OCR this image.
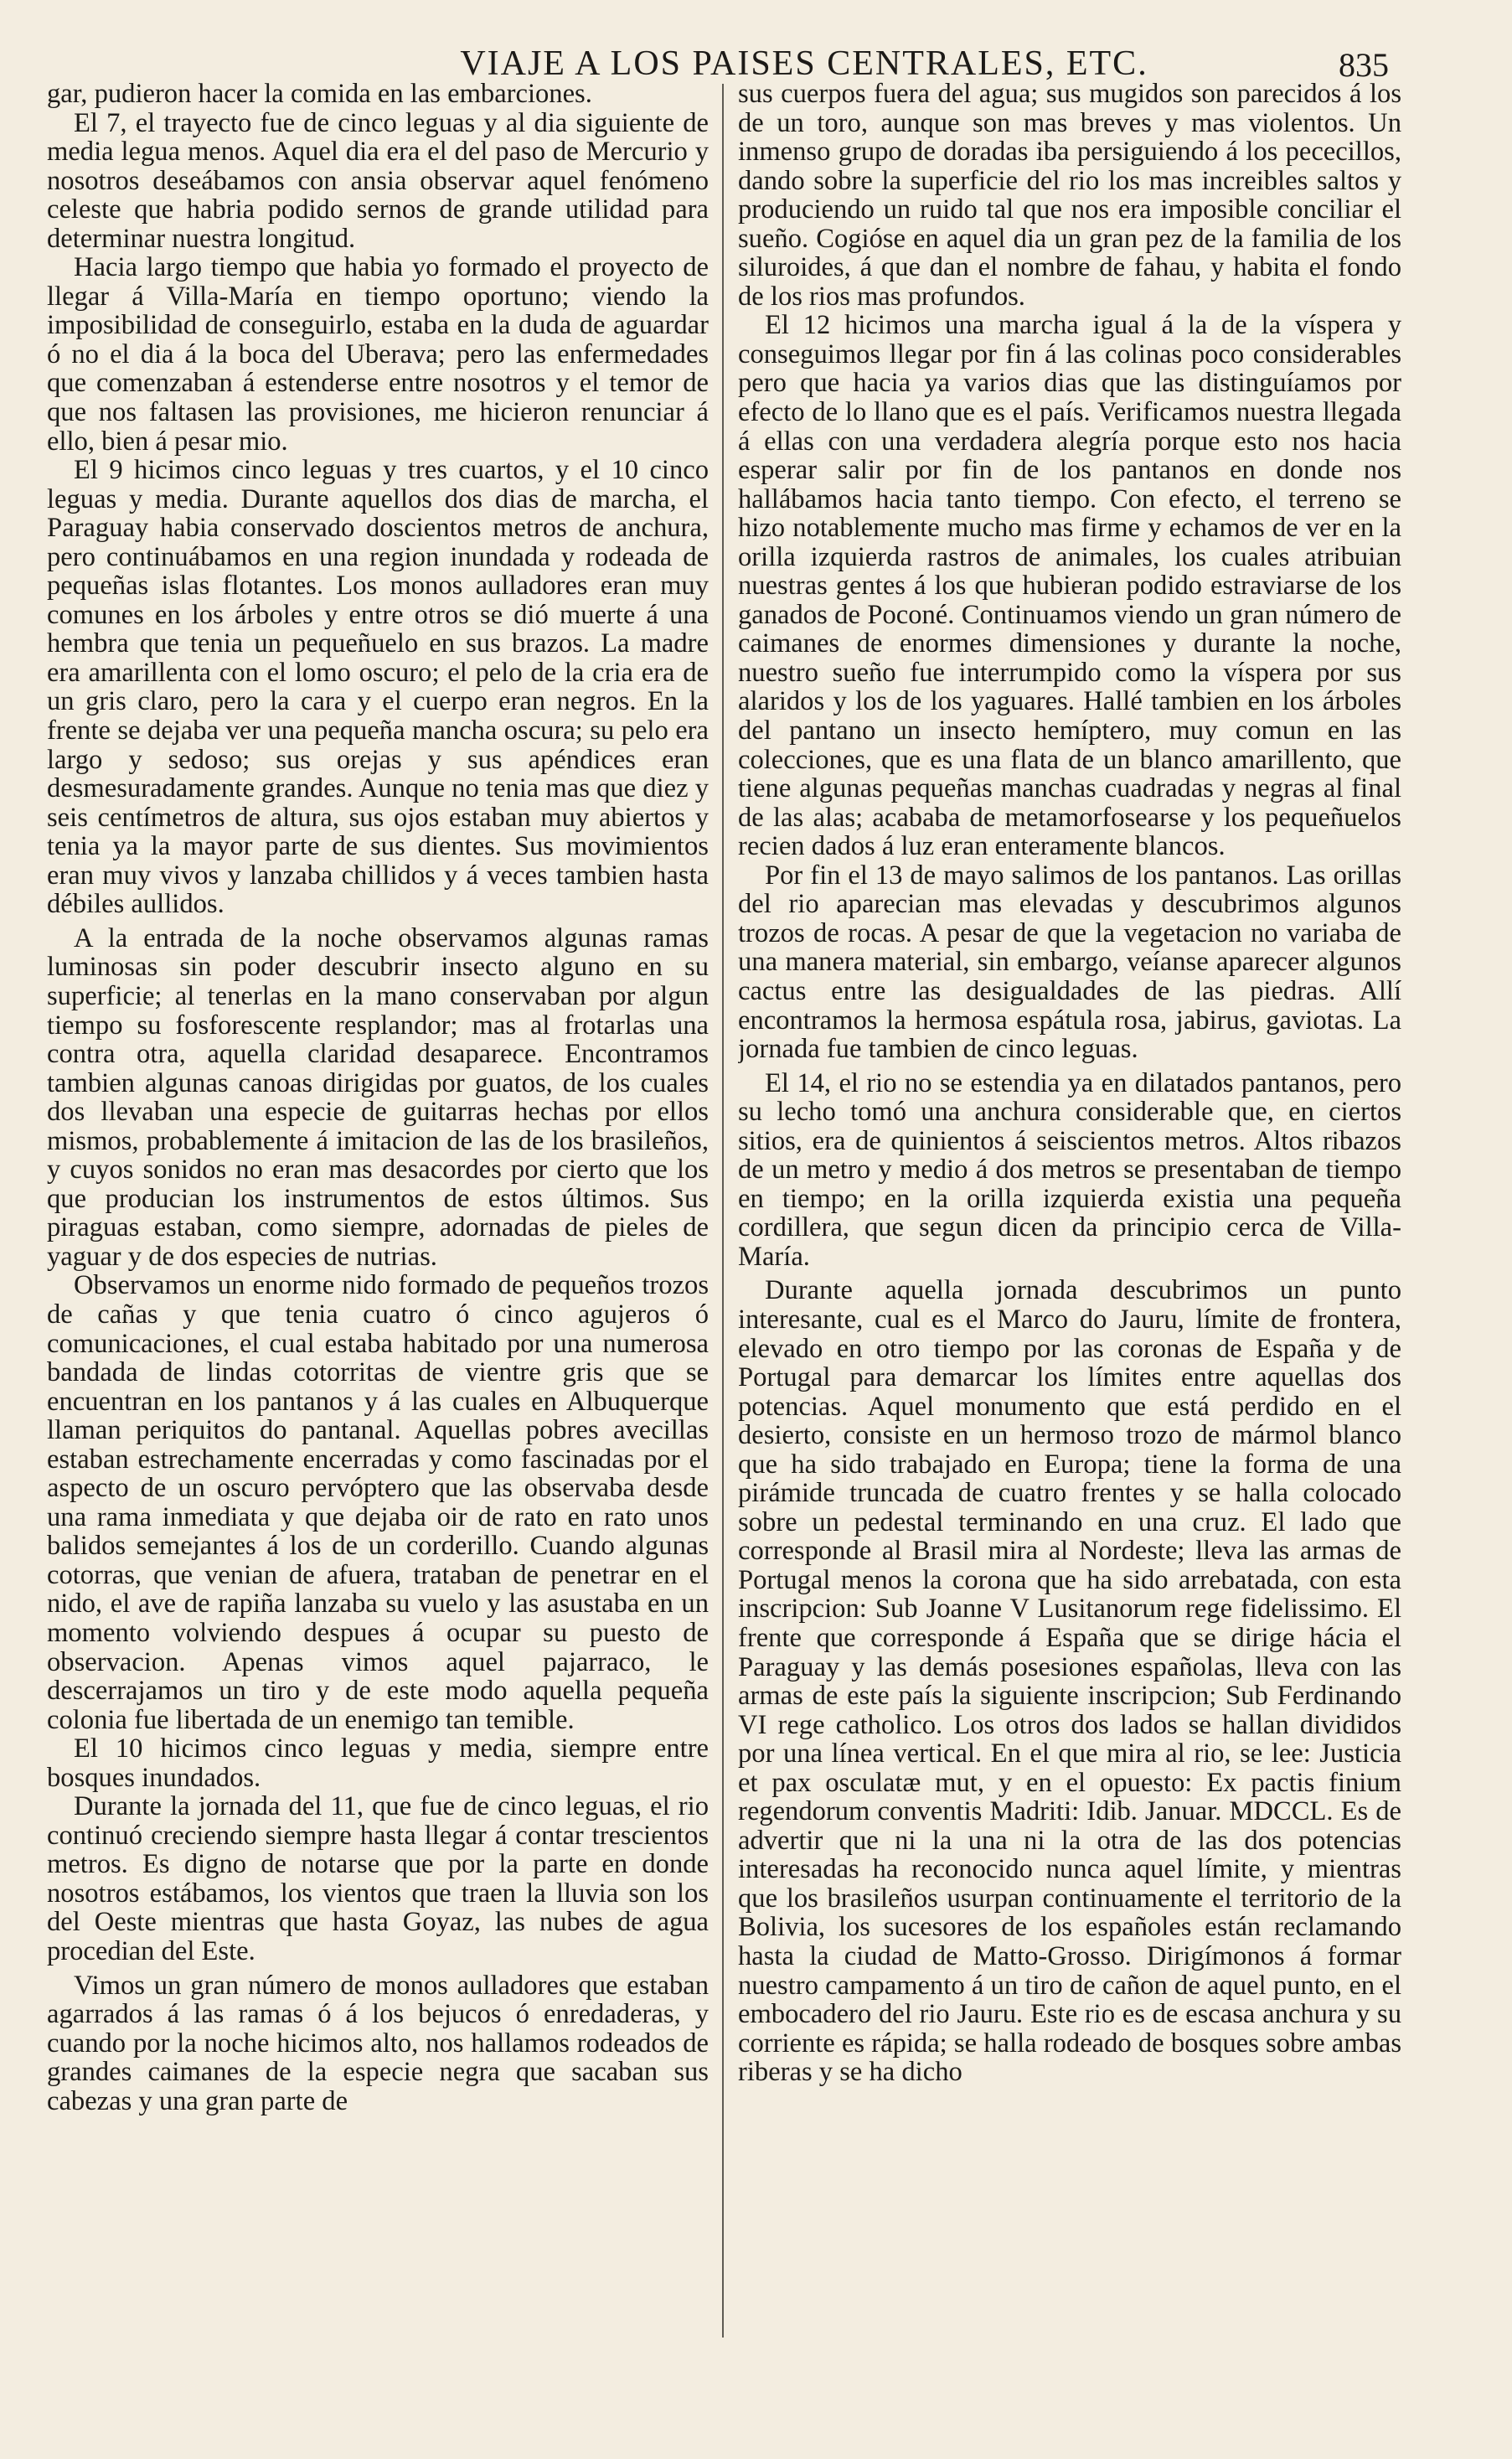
VIAJE A LOS PAISES CENTRALES, ETC.	835

gar, pudieron hacer la comida en las embarciones.

El 7, el trayecto fue de cinco leguas y al dia siguiente de media legua menos. Aquel dia era el del paso de Mercurio y nosotros deseábamos con ansia observar aquel fenómeno celeste que habria podido sernos de grande utilidad para determinar nuestra longitud.

Hacia largo tiempo que habia yo formado el proyecto de llegar á Villa-María en tiempo oportuno; viendo la imposibilidad de conseguirlo, estaba en la duda de aguardar ó no el dia á la boca del Uberava; pero las enfermedades que comenzaban á estenderse entre nosotros y el temor de que nos faltasen las provisiones, me hicieron renunciar á ello, bien á pesar mio.

El 9 hicimos cinco leguas y tres cuartos, y el 10 cinco leguas y media. Durante aquellos dos dias de marcha, el Paraguay habia conservado doscientos metros de anchura, pero continuábamos en una region inundada y rodeada de pequeñas islas flotantes. Los monos aulladores eran muy comunes en los árboles y entre otros se dió muerte á una hembra que tenia un pequeñuelo en sus brazos. La madre era amarillenta con el lomo oscuro; el pelo de la cria era de un gris claro, pero la cara y el cuerpo eran negros. En la frente se dejaba ver una pequeña mancha oscura; su pelo era largo y sedoso; sus orejas y sus apéndices eran desmesuradamente grandes. Aunque no tenia mas que diez y seis centímetros de altura, sus ojos estaban muy abiertos y tenia ya la mayor parte de sus dientes. Sus movimientos eran muy vivos y lanzaba chillidos y á veces tambien hasta débiles aullidos.

A la entrada de la noche observamos algunas ramas luminosas sin poder descubrir insecto alguno en su superficie; al tenerlas en la mano conservaban por algun tiempo su fosforescente resplandor; mas al frotarlas una contra otra, aquella claridad desaparece. Encontramos tambien algunas canoas dirigidas por guatos, de los cuales dos llevaban una especie de guitarras hechas por ellos mismos, probablemente á imitacion de las de los brasileños, y cuyos sonidos no eran mas desacordes por cierto que los que producian los instrumentos de estos últimos. Sus piraguas estaban, como siempre, adornadas de pieles de yaguar y de dos especies de nutrias.

Observamos un enorme nido formado de pequeños trozos de cañas y que tenia cuatro ó cinco agujeros ó comunicaciones, el cual estaba habitado por una numerosa bandada de lindas cotorritas de vientre gris que se encuentran en los pantanos y á las cuales en Albuquerque llaman periquitos do pantanal. Aquellas pobres avecillas estaban estrechamente encerradas y como fascinadas por el aspecto de un oscuro pervóptero que las observaba desde una rama inmediata y que dejaba oir de rato en rato unos balidos semejantes á los de un corderillo. Cuando algunas cotorras, que venian de afuera, trataban de penetrar en el nido, el ave de rapiña lanzaba su vuelo y las asustaba en un momento volviendo despues á ocupar su puesto de observacion. Apenas vimos aquel pajarraco, le descerrajamos un tiro y de este modo aquella pequeña colonia fue libertada de un enemigo tan temible.

El 10 hicimos cinco leguas y media, siempre entre bosques inundados.

Durante la jornada del 11, que fue de cinco leguas, el rio continuó creciendo siempre hasta llegar á contar trescientos metros. Es digno de notarse que por la parte en donde nosotros estábamos, los vientos que traen la lluvia son los del Oeste mientras que hasta Goyaz, las nubes de agua procedian del Este.

Vimos un gran número de monos aulladores que estaban agarrados á las ramas ó á los bejucos ó enredaderas, y cuando por la noche hicimos alto, nos hallamos rodeados de grandes caimanes de la especie negra que sacaban sus cabezas y una gran parte de

sus cuerpos fuera del agua; sus mugidos son parecidos á los de un toro, aunque son mas breves y mas violentos. Un inmenso grupo de doradas iba persiguiendo á los pececillos, dando sobre la superficie del rio los mas increibles saltos y produciendo un ruido tal que nos era imposible conciliar el sueño. Cogióse en aquel dia un gran pez de la familia de los siluroides, á que dan el nombre de fahau, y habita el fondo de los rios mas profundos.

El 12 hicimos una marcha igual á la de la víspera y conseguimos llegar por fin á las colinas poco considerables pero que hacia ya varios dias que las distinguíamos por efecto de lo llano que es el país. Verificamos nuestra llegada á ellas con una verdadera alegría porque esto nos hacia esperar salir por fin de los pantanos en donde nos hallábamos hacia tanto tiempo. Con efecto, el terreno se hizo notablemente mucho mas firme y echamos de ver en la orilla izquierda rastros de animales, los cuales atribuian nuestras gentes á los que hubieran podido estraviarse de los ganados de Poconé. Continuamos viendo un gran número de caimanes de enormes dimensiones y durante la noche, nuestro sueño fue interrumpido como la víspera por sus alaridos y los de los yaguares. Hallé tambien en los árboles del pantano un insecto hemíptero, muy comun en las colecciones, que es una flata de un blanco amarillento, que tiene algunas pequeñas manchas cuadradas y negras al final de las alas; acababa de metamorfosearse y los pequeñuelos recien dados á luz eran enteramente blancos.

Por fin el 13 de mayo salimos de los pantanos. Las orillas del rio aparecian mas elevadas y descubrimos algunos trozos de rocas. A pesar de que la vegetacion no variaba de una manera material, sin embargo, veíanse aparecer algunos cactus entre las desigualdades de las piedras. Allí encontramos la hermosa espátula rosa, jabirus, gaviotas. La jornada fue tambien de cinco leguas.

El 14, el rio no se estendia ya en dilatados pantanos, pero su lecho tomó una anchura considerable que, en ciertos sitios, era de quinientos á seiscientos metros. Altos ribazos de un metro y medio á dos metros se presentaban de tiempo en tiempo; en la orilla izquierda existia una pequeña cordillera, que segun dicen da principio cerca de Villa-María.

Durante aquella jornada descubrimos un punto interesante, cual es el Marco do Jauru, límite de frontera, elevado en otro tiempo por las coronas de España y de Portugal para demarcar los límites entre aquellas dos potencias. Aquel monumento que está perdido en el desierto, consiste en un hermoso trozo de mármol blanco que ha sido trabajado en Europa; tiene la forma de una pirámide truncada de cuatro frentes y se halla colocado sobre un pedestal terminando en una cruz. El lado que corresponde al Brasil mira al Nordeste; lleva las armas de Portugal menos la corona que ha sido arrebatada, con esta inscripcion: Sub Joanne V Lusitanorum rege fidelissimo. El frente que corresponde á España que se dirige hácia el Paraguay y las demás posesiones españolas, lleva con las armas de este país la siguiente inscripcion; Sub Ferdinando VI rege catholico. Los otros dos lados se hallan divididos por una línea vertical. En el que mira al rio, se lee: Justicia et pax osculatæ mut, y en el opuesto: Ex pactis finium regendorum conventis Madriti: Idib. Januar. MDCCL. Es de advertir que ni la una ni la otra de las dos potencias interesadas ha reconocido nunca aquel límite, y mientras que los brasileños usurpan continuamente el territorio de la Bolivia, los sucesores de los españoles están reclamando hasta la ciudad de Matto-Grosso. Dirigímonos á formar nuestro campamento á un tiro de cañon de aquel punto, en el embocadero del rio Jauru. Este rio es de escasa anchura y su corriente es rápida; se halla rodeado de bosques sobre ambas riberas y se ha dicho
